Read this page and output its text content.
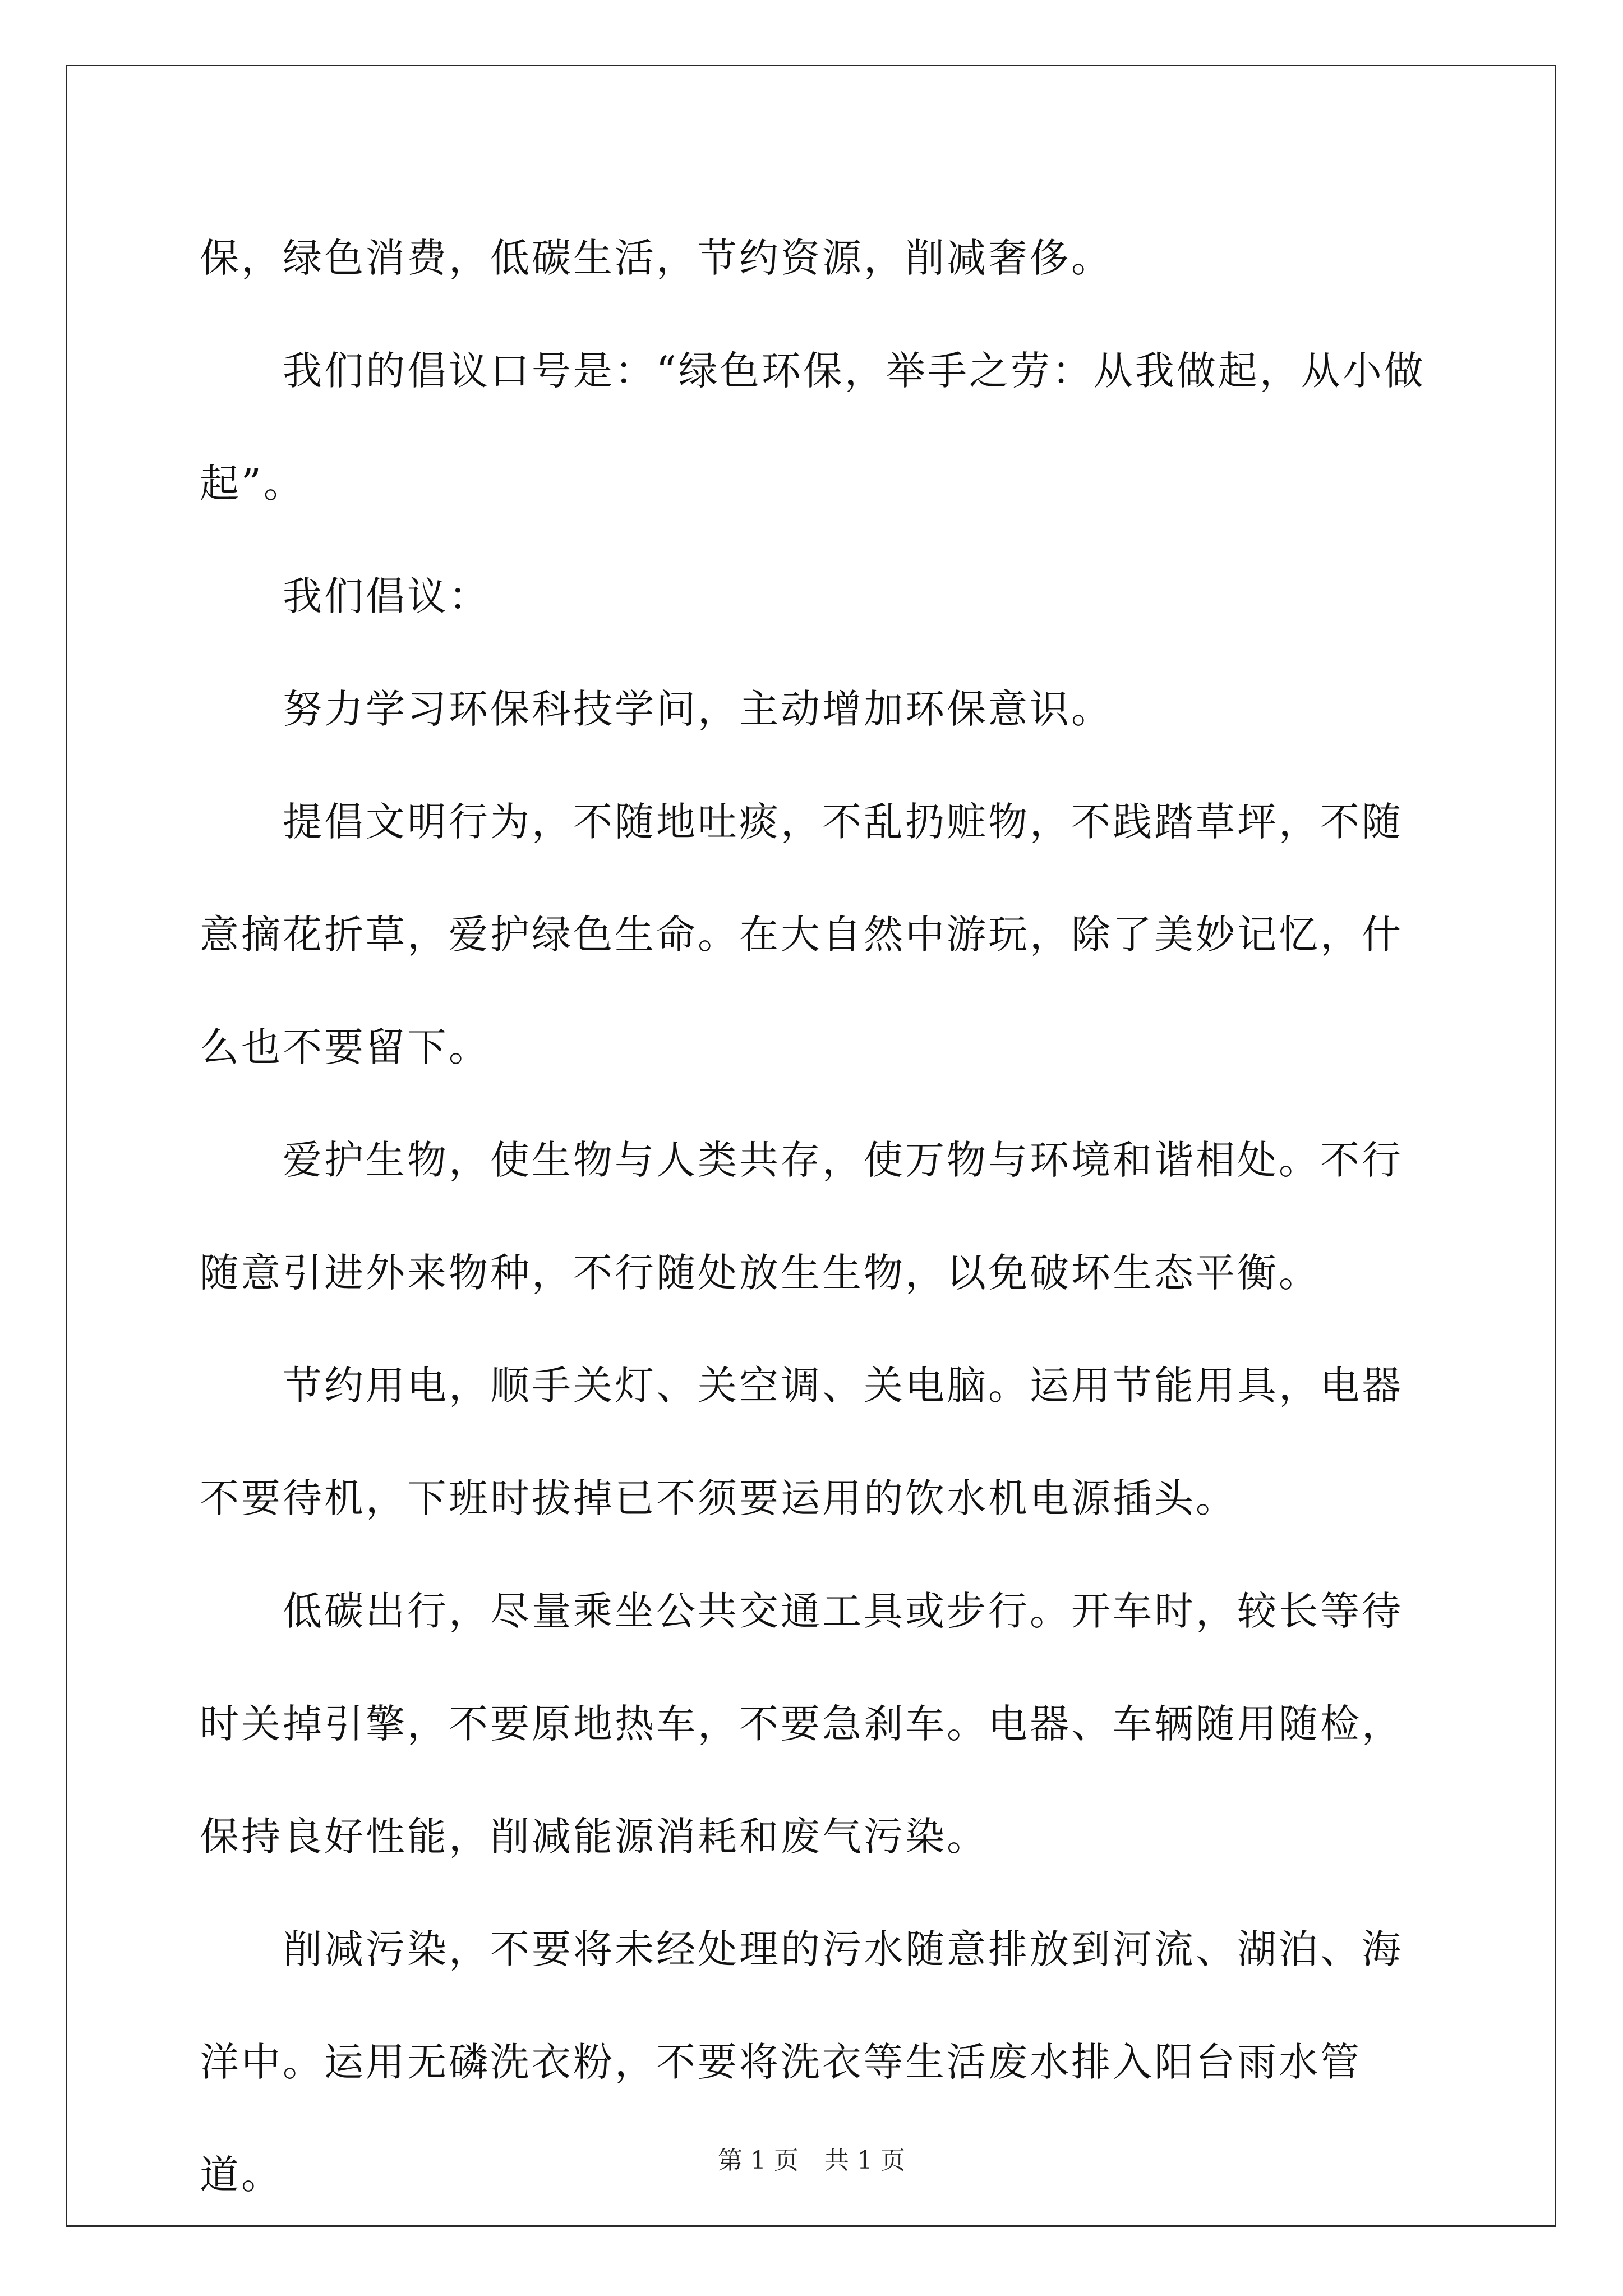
保，绿色消费，低碳生活，节约资源，削减奢侈。

我们的倡议口号是：“绿色环保，举手之劳：从我做起，从小做起”。

我们倡议：

努力学习环保科技学问，主动增加环保意识。

提倡文明行为，不随地吐痰，不乱扔赃物，不践踏草坪，不随意摘花折草，爱护绿色生命。在大自然中游玩，除了美妙记忆，什么也不要留下。

爱护生物，使生物与人类共存，使万物与环境和谐相处。不行随意引进外来物种，不行随处放生生物，以免破坏生态平衡。

节约用电，顺手关灯、关空调、关电脑。运用节能用具，电器不要待机，下班时拔掉已不须要运用的饮水机电源插头。

低碳出行，尽量乘坐公共交通工具或步行。开车时，较长等待时关掉引擎，不要原地热车，不要急刹车。电器、车辆随用随检，保持良好性能，削减能源消耗和废气污染。

削减污染，不要将未经处理的污水随意排放到河流、湖泊、海洋中。运用无磷洗衣粉，不要将洗衣等生活废水排入阳台雨水管道。	第 1 页 共 1 页
